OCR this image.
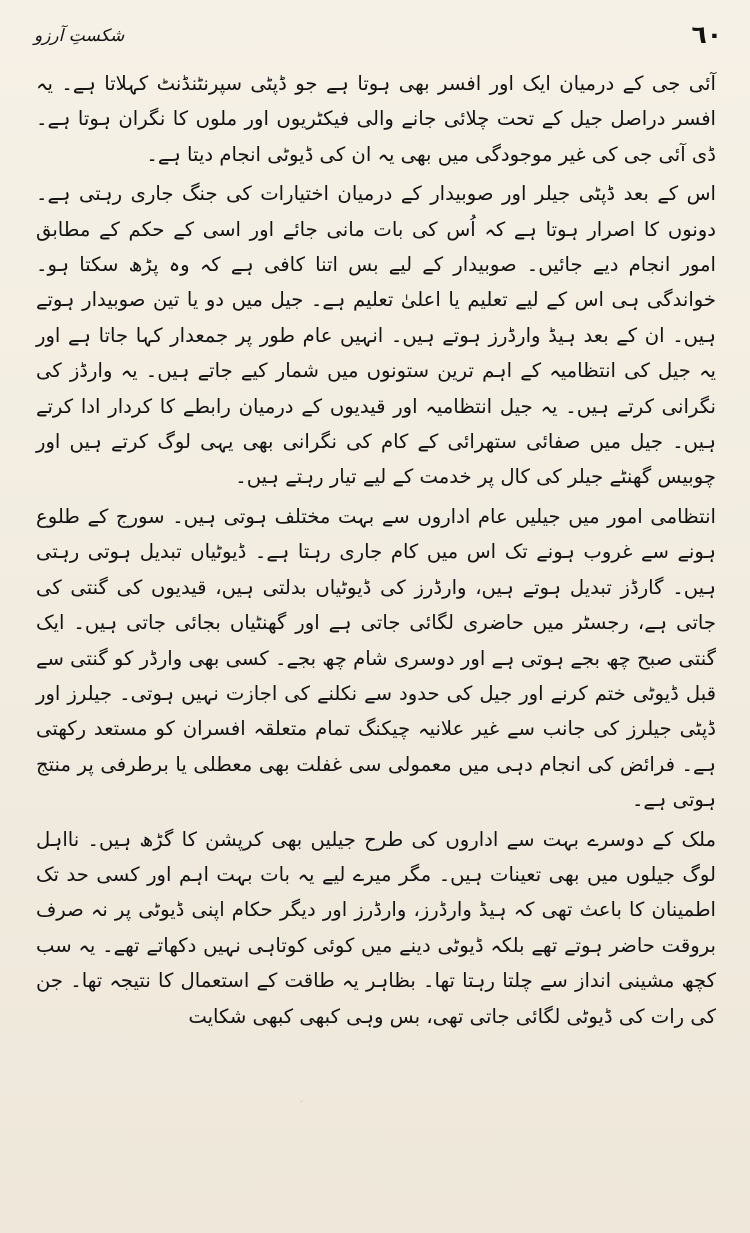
شکستِ آرزو	٦٠

آئی جی کے درمیان ایک اور افسر بھی ہوتا ہے جو ڈپٹی سپرنٹنڈنٹ کہلاتا ہے۔ یہ افسر دراصل جیل کے تحت چلائی جانے والی فیکٹریوں اور ملوں کا نگران ہوتا ہے۔ ڈی آئی جی کی غیر موجودگی میں بھی یہ ان کی ڈیوٹی انجام دیتا ہے۔

اس کے بعد ڈپٹی جیلر اور صوبیدار کے درمیان اختیارات کی جنگ جاری رہتی ہے۔ دونوں کا اصرار ہوتا ہے کہ اُس کی بات مانی جائے اور اسی کے حکم کے مطابق امور انجام دیے جائیں۔ صوبیدار کے لیے بس اتنا کافی ہے کہ وہ پڑھ سکتا ہو۔ خواندگی ہی اس کے لیے تعلیم یا اعلیٰ تعلیم ہے۔ جیل میں دو یا تین صوبیدار ہوتے ہیں۔ ان کے بعد ہیڈ وارڈرز ہوتے ہیں۔ انہیں عام طور پر جمعدار کہا جاتا ہے اور یہ جیل کی انتظامیہ کے اہم ترین ستونوں میں شمار کیے جاتے ہیں۔ یہ وارڈز کی نگرانی کرتے ہیں۔ یہ جیل انتظامیہ اور قیدیوں کے درمیان رابطے کا کردار ادا کرتے ہیں۔ جیل میں صفائی ستھرائی کے کام کی نگرانی بھی یہی لوگ کرتے ہیں اور چوبیس گھنٹے جیلر کی کال پر خدمت کے لیے تیار رہتے ہیں۔

انتظامی امور میں جیلیں عام اداروں سے بہت مختلف ہوتی ہیں۔ سورج کے طلوع ہونے سے غروب ہونے تک اس میں کام جاری رہتا ہے۔ ڈیوٹیاں تبدیل ہوتی رہتی ہیں۔ گارڈز تبدیل ہوتے ہیں، وارڈرز کی ڈیوٹیاں بدلتی ہیں، قیدیوں کی گنتی کی جاتی ہے، رجسٹر میں حاضری لگائی جاتی ہے اور گھنٹیاں بجائی جاتی ہیں۔ ایک گنتی صبح چھ بجے ہوتی ہے اور دوسری شام چھ بجے۔ کسی بھی وارڈر کو گنتی سے قبل ڈیوٹی ختم کرنے اور جیل کی حدود سے نکلنے کی اجازت نہیں ہوتی۔ جیلرز اور ڈپٹی جیلرز کی جانب سے غیر علانیہ چیکنگ تمام متعلقہ افسران کو مستعد رکھتی ہے۔ فرائض کی انجام دہی میں معمولی سی غفلت بھی معطلی یا برطرفی پر منتج ہوتی ہے۔

ملک کے دوسرے بہت سے اداروں کی طرح جیلیں بھی کرپشن کا گڑھ ہیں۔ نااہل لوگ جیلوں میں بھی تعینات ہیں۔ مگر میرے لیے یہ بات بہت اہم اور کسی حد تک اطمینان کا باعث تھی کہ ہیڈ وارڈرز، وارڈرز اور دیگر حکام اپنی ڈیوٹی پر نہ صرف بروقت حاضر ہوتے تھے بلکہ ڈیوٹی دینے میں کوئی کوتاہی نہیں دکھاتے تھے۔ یہ سب کچھ مشینی انداز سے چلتا رہتا تھا۔ بظاہر یہ طاقت کے استعمال کا نتیجہ تھا۔ جن کی رات کی ڈیوٹی لگائی جاتی تھی، بس وہی کبھی کبھی شکایت
